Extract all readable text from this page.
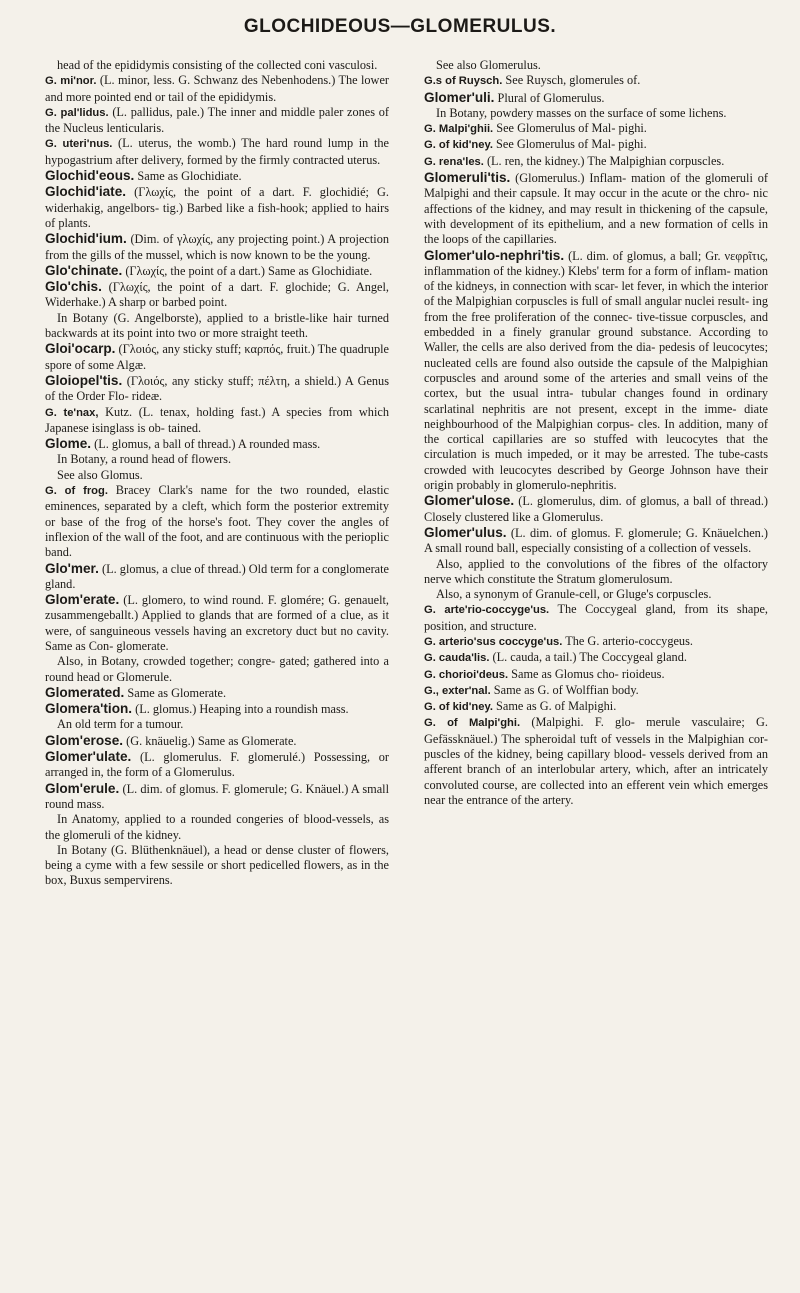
GLOCHIDEOUS—GLOMERULUS.

head of the epididymis consisting of the collected coni vasculosi.

G. mi'nor. (L. minor, less. G. Schwanz des Nebenhodens.) The lower and more pointed end or tail of the epididymis.

G. pal'lidus. (L. pallidus, pale.) The inner and middle paler zones of the Nucleus lenticularis.

G. uteri'nus. (L. uterus, the womb.) The hard round lump in the hypogastrium after delivery, formed by the firmly contracted uterus.

Glochid'eous. Same as Glochidiate.

Glochid'iate. (Γλωχίς, the point of a dart. F. glochidié; G. widerhakig, angelbors- tig.) Barbed like a fish-hook; applied to hairs of plants.

Glochid'ium. (Dim. of γλωχίς, any projecting point.) A projection from the gills of the mussel, which is now known to be the young.

Glo'chinate. (Γλωχίς, the point of a dart.) Same as Glochidiate.

Glo'chis. (Γλωχίς, the point of a dart. F. glochide; G. Angel, Widerhake.) A sharp or barbed point.

In Botany (G. Angelborste), applied to a bristle-like hair turned backwards at its point into two or more straight teeth.

Gloi'ocarp. (Γλοιός, any sticky stuff; καρπός, fruit.) The quadruple spore of some Algæ.

Gloiopel'tis. (Γλοιός, any sticky stuff; πέλτη, a shield.) A Genus of the Order Flo- rideæ.

G. te'nax, Kutz. (L. tenax, holding fast.) A species from which Japanese isinglass is ob- tained.

Glome. (L. glomus, a ball of thread.) A rounded mass.

In Botany, a round head of flowers.

See also Glomus.

G. of frog. Bracey Clark's name for the two rounded, elastic eminences, separated by a cleft, which form the posterior extremity or base of the frog of the horse's foot. They cover the angles of inflexion of the wall of the foot, and are continuous with the perioplic band.

Glo'mer. (L. glomus, a clue of thread.) Old term for a conglomerate gland.

Glom'erate. (L. glomero, to wind round. F. glomére; G. genauelt, zusammengeballt.) Applied to glands that are formed of a clue, as it were, of sanguineous vessels having an excretory duct but no cavity. Same as Con- glomerate.

Also, in Botany, crowded together; congre- gated; gathered into a round head or Glomerule.

Glomerated. Same as Glomerate.

Glomera'tion. (L. glomus.) Heaping into a roundish mass.

An old term for a tumour.

Glom'erose. (G. knäuelig.) Same as Glomerate.

Glomer'ulate. (L. glomerulus. F. glomerulé.) Possessing, or arranged in, the form of a Glomerulus.

Glom'erule. (L. dim. of glomus. F. glomerule; G. Knäuel.) A small round mass.

In Anatomy, applied to a rounded congeries of blood-vessels, as the glomeruli of the kidney.

In Botany (G. Blüthenknäuel), a head or dense cluster of flowers, being a cyme with a few sessile or short pedicelled flowers, as in the box, Buxus sempervirens.

See also Glomerulus.

G.s of Ruysch. See Ruysch, glomerules of.

Glomer'uli. Plural of Glomerulus.

In Botany, powdery masses on the surface of some lichens.

G. Malpi'ghii. See Glomerulus of Mal- pighi.

G. of kid'ney. See Glomerulus of Mal- pighi.

G. rena'les. (L. ren, the kidney.) The Malpighian corpuscles.

Glomeruli'tis. (Glomerulus.) Inflam- mation of the glomeruli of Malpighi and their capsule. It may occur in the acute or the chro- nic affections of the kidney, and may result in thickening of the capsule, with development of its epithelium, and a new formation of cells in the loops of the capillaries.

Glomer'ulo-nephri'tis. (L. dim. of glomus, a ball; Gr. νεφρῖτις, inflammation of the kidney.) Klebs' term for a form of inflam- mation of the kidneys, in connection with scar- let fever, in which the interior of the Malpighian corpuscles is full of small angular nuclei result- ing from the free proliferation of the connec- tive-tissue corpuscles, and embedded in a finely granular ground substance. According to Waller, the cells are also derived from the dia- pedesis of leucocytes; nucleated cells are found also outside the capsule of the Malpighian corpuscles and around some of the arteries and small veins of the cortex, but the usual intra- tubular changes found in ordinary scarlatinal nephritis are not present, except in the imme- diate neighbourhood of the Malpighian corpus- cles. In addition, many of the cortical capillaries are so stuffed with leucocytes that the circulation is much impeded, or it may be arrested. The tube-casts crowded with leucocytes described by George Johnson have their origin probably in glomerulo-nephritis.

Glomer'ulose. (L. glomerulus, dim. of glomus, a ball of thread.) Closely clustered like a Glomerulus.

Glomer'ulus. (L. dim. of glomus. F. glomerule; G. Knäuelchen.) A small round ball, especially consisting of a collection of vessels.

Also, applied to the convolutions of the fibres of the olfactory nerve which constitute the Stratum glomerulosum.

Also, a synonym of Granule-cell, or Gluge's corpuscles.

G. arte'rio-coccyge'us. The Coccygeal gland, from its shape, position, and structure.

G. arterio'sus coccyge'us. The G. arterio-coccygeus.

G. cauda'lis. (L. cauda, a tail.) The Coccygeal gland.

G. chorioi'deus. Same as Glomus cho- rioideus.

G., exter'nal. Same as G. of Wolffian body.

G. of kid'ney. Same as G. of Malpighi.

G. of Malpi'ghi. (Malpighi. F. glo- merule vasculaire; G. Gefässknäuel.) The spheroidal tuft of vessels in the Malpighian cor- puscles of the kidney, being capillary blood- vessels derived from an afferent branch of an interlobular artery, which, after an intricately convoluted course, are collected into an efferent vein which emerges near the entrance of the artery.
